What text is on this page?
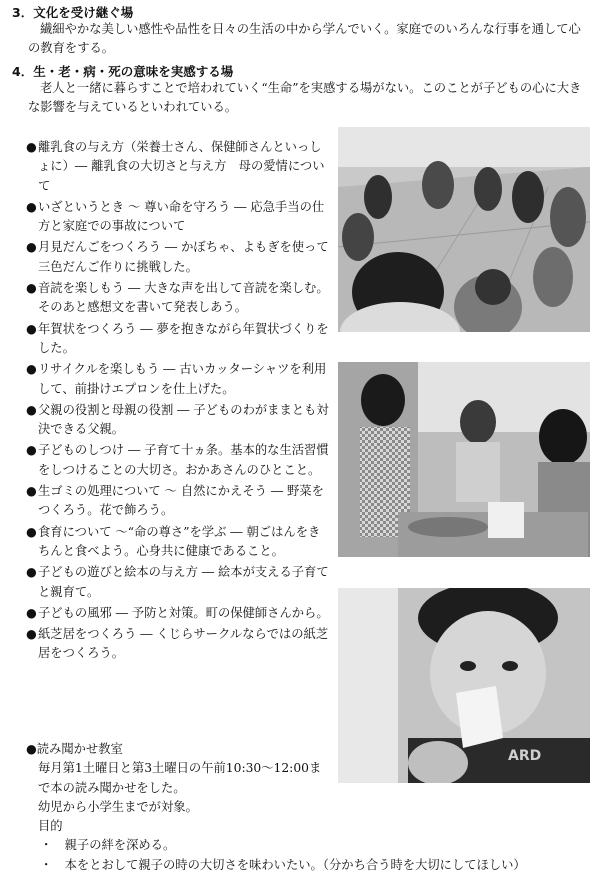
3．文化を受け継ぐ場
繊細やかな美しい感性や品性を日々の生活の中から学んでいく。家庭でのいろんな行事を通して心の教育をする。
4．生・老・病・死の意味を実感する場
老人と一緒に暮らすことで培われていく“生命”を実感する場がない。このことが子どもの心に大きな影響を与えているといわれている。
● 離乳食の与え方（栄養士さん、保健師さんといっしょに）― 離乳食の大切さと与え方　母の愛情について
● いざというとき ～ 尊い命を守ろう ― 応急手当の仕方と家庭での事故について
● 月見だんごをつくろう ― かぼちゃ、よもぎを使って三色だんご作りに挑戦した。
● 音読を楽しもう ― 大きな声を出して音読を楽しむ。そのあと感想文を書いて発表しあう。
● 年賀状をつくろう ― 夢を抱きながら年賀状づくりをした。
● リサイクルを楽しもう ― 古いカッターシャツを利用して、前掛けエプロンを仕上げた。
● 父親の役割と母親の役割 ― 子どものわがままとも対決できる父親。
● 子どものしつけ ― 子育て十ヵ条。基本的な生活習慣をしつけることの大切さ。おかあさんのひとこと。
● 生ゴミの処理について ～ 自然にかえそう ― 野菜をつくろう。花で飾ろう。
● 食育について ～“命の尊さ”を学ぶ ― 朝ごはんをきちんと食べよう。心身共に健康であること。
● 子どもの遊びと絵本の与え方 ― 絵本が支える子育てと親育て。
● 子どもの風邪 ― 予防と対策。町の保健師さんから。
● 紙芝居をつくろう ― くじらサークルならではの紙芝居をつくろう。
ARD
●読み聞かせ教室
毎月第1土曜日と第3土曜日の午前10:30～12:00ま
で本の読み聞かせをした。
幼児から小学生までが対象。
目的
・　親子の絆を深める。
・　本をとおして親子の時の大切さを味わいたい。（分かち合う時を大切にしてほしい）
